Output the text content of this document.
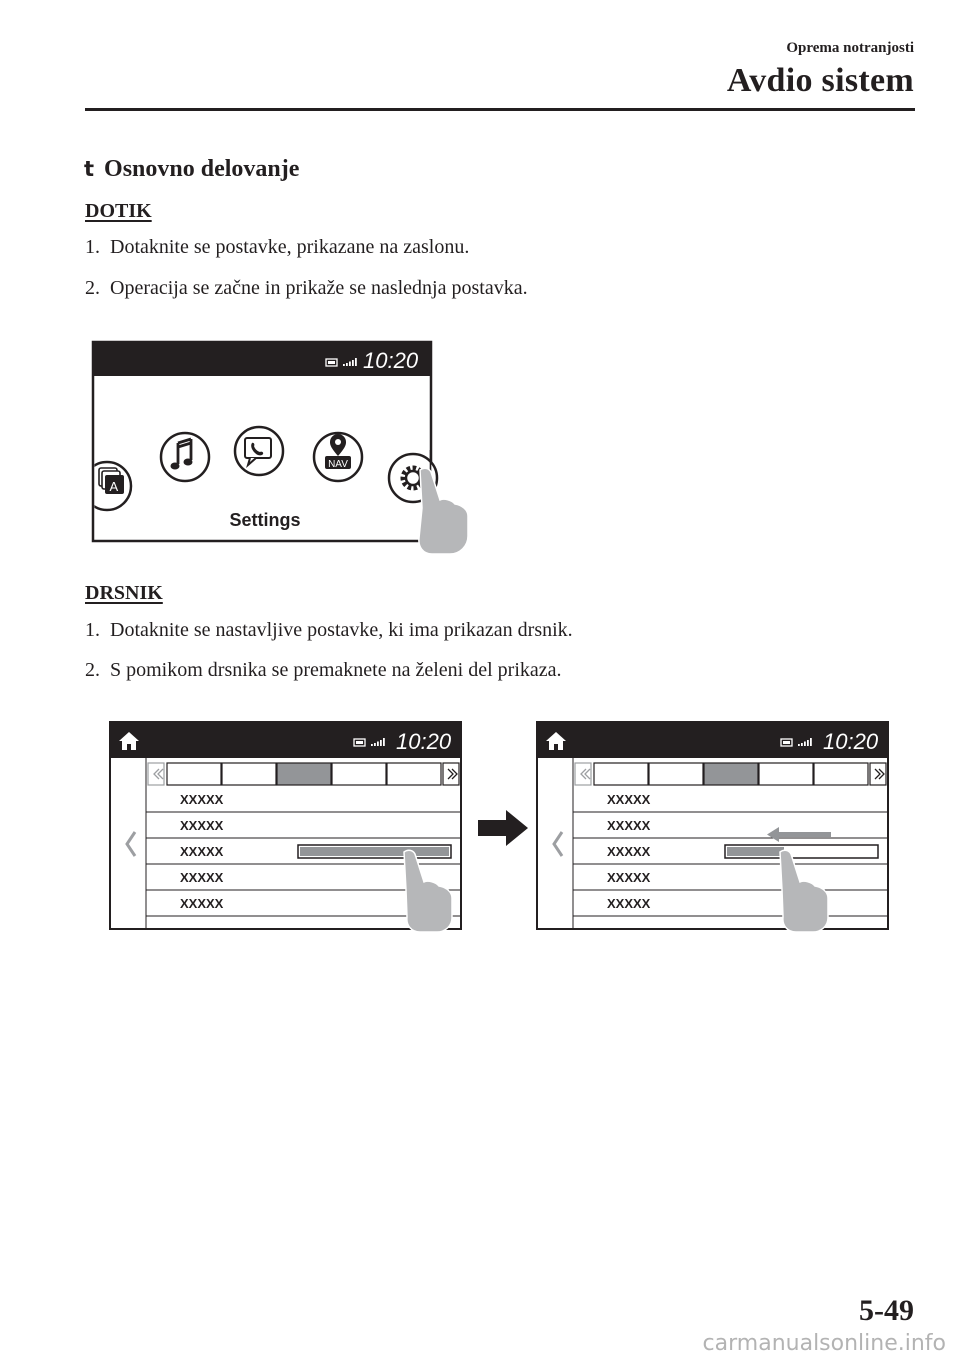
Oprema notranjosti
Avdio sistem
t Osnovno delovanje
DOTIK
1. Dotaknite se postavke, prikazane na zaslonu.
2. Operacija se začne in prikaže se naslednja postavka.
10:20
A
NAV
Settings
DRSNIK
1. Dotaknite se nastavljive postavke, ki ima prikazan drsnik.
2. S pomikom drsnika se premaknete na želeni del prikaza.
10:20
XXXXX
XXXXX
XXXXX
XXXXX
XXXXX
10:20
XXXXX
XXXXX
XXXXX
XXXXX
XXXXX
5-49
carmanualsonline.info
